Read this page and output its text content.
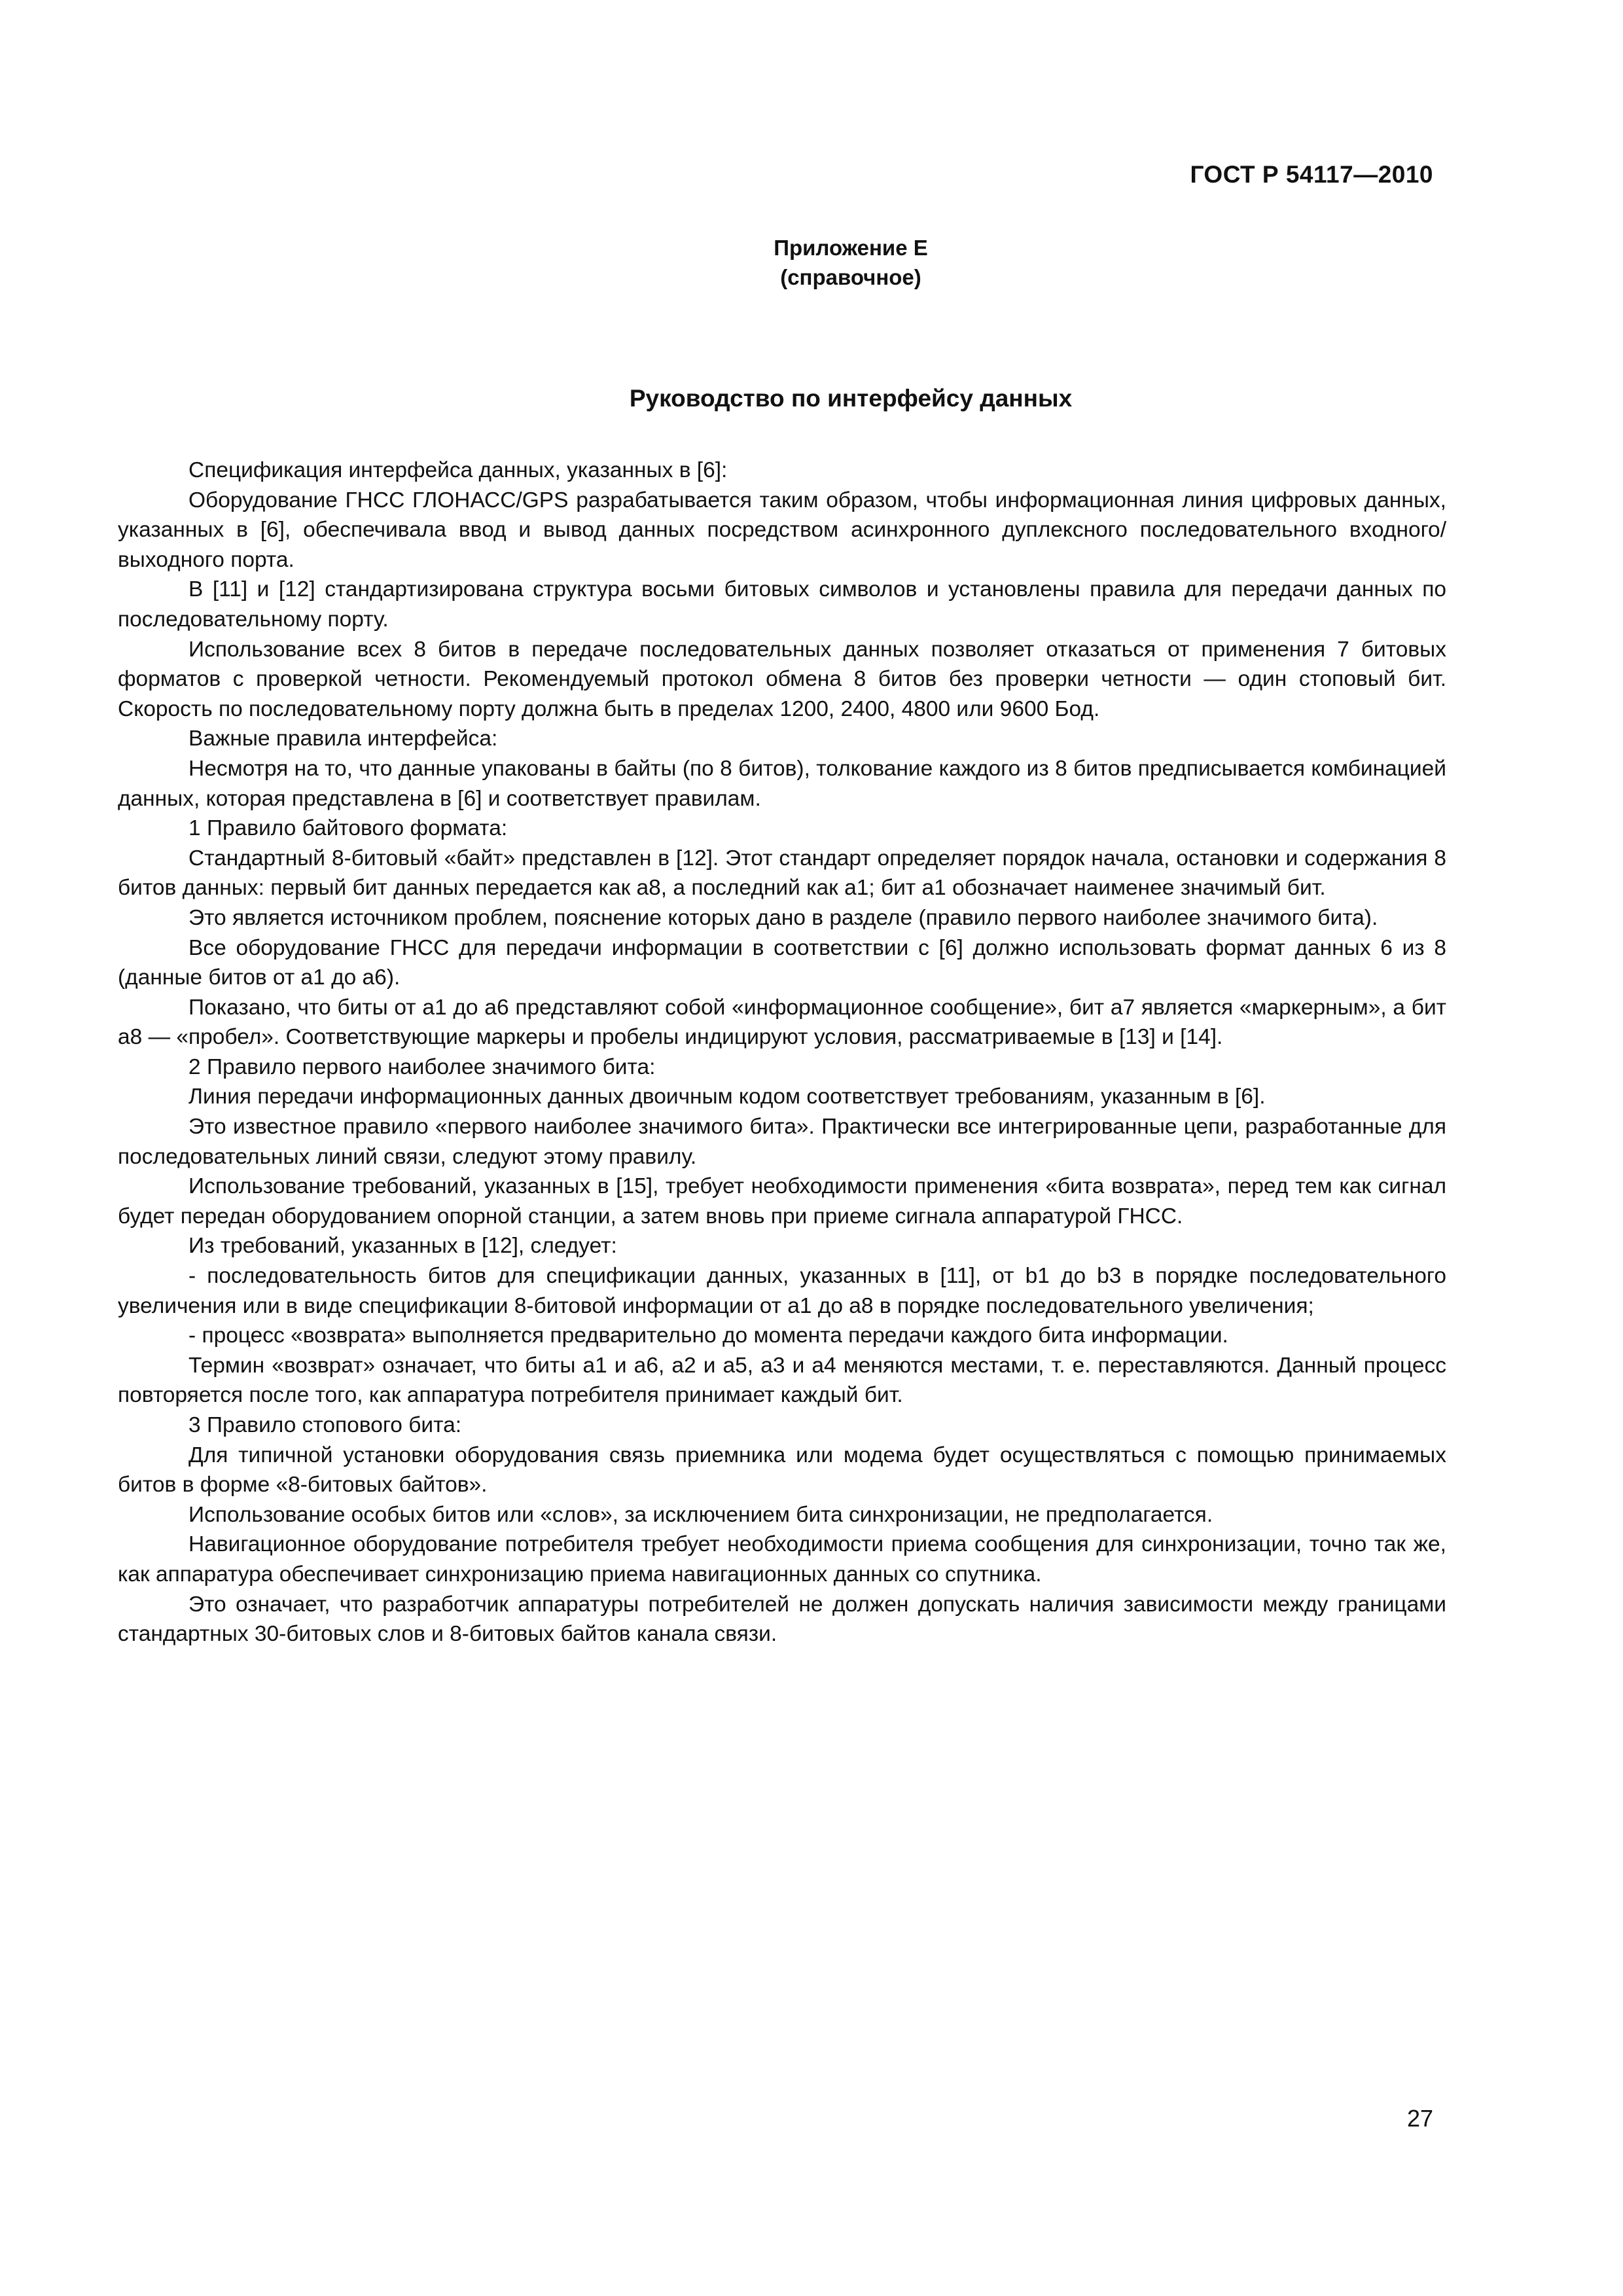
ГОСТ Р 54117—2010
Приложение Е
(справочное)
Руководство по интерфейсу данных

Спецификация интерфейса данных, указанных в [6]:

Оборудование ГНСС ГЛОНАСС/GPS разрабатывается таким образом, чтобы информационная линия цифровых данных, указанных в [6], обеспечивала ввод и вывод данных посредством асинхронного дуплексного последовательного входного/выходного порта.

В [11] и [12] стандартизирована структура восьми битовых символов и установлены правила для передачи данных по последовательному порту.

Использование всех 8 битов в передаче последовательных данных позволяет отказаться от применения 7 битовых форматов с проверкой четности. Рекомендуемый протокол обмена 8 битов без проверки четности — один стоповый бит. Скорость по последовательному порту должна быть в пределах 1200, 2400, 4800 или 9600 Бод.

Важные правила интерфейса:

Несмотря на то, что данные упакованы в байты (по 8 битов), толкование каждого из 8 битов предписывается комбинацией данных, которая представлена в [6] и соответствует правилам.

1 Правило байтового формата:

Стандартный 8-битовый «байт» представлен в [12]. Этот стандарт определяет порядок начала, остановки и содержания 8 битов данных: первый бит данных передается как а8, а последний как а1; бит а1 обозначает наименее значимый бит.

Это является источником проблем, пояснение которых дано в разделе (правило первого наиболее значимого бита).

Все оборудование ГНСС для передачи информации в соответствии с [6] должно использовать формат данных 6 из 8 (данные битов от а1 до а6).

Показано, что биты от а1 до а6 представляют собой «информационное сообщение», бит а7 является «маркерным», а бит а8 — «пробел». Соответствующие маркеры и пробелы индицируют условия, рассматриваемые в [13] и [14].

2 Правило первого наиболее значимого бита:

Линия передачи информационных данных двоичным кодом соответствует требованиям, указанным в [6].

Это известное правило «первого наиболее значимого бита». Практически все интегрированные цепи, разработанные для последовательных линий связи, следуют этому правилу.

Использование требований, указанных в [15], требует необходимости применения «бита возврата», перед тем как сигнал будет передан оборудованием опорной станции, а затем вновь при приеме сигнала аппаратурой ГНСС.

Из требований, указанных в [12], следует:

- последовательность битов для спецификации данных, указанных в [11], от b1 до b3 в порядке последовательного увеличения или в виде спецификации 8-битовой информации от а1 до а8 в порядке последовательного увеличения;

- процесс «возврата» выполняется предварительно до момента передачи каждого бита информации.

Термин «возврат» означает, что биты а1 и а6, а2 и а5, а3 и а4 меняются местами, т. е. переставляются. Данный процесс повторяется после того, как аппаратура потребителя принимает каждый бит.

3 Правило стопового бита:

Для типичной установки оборудования связь приемника или модема будет осуществляться с помощью принимаемых битов в форме «8-битовых байтов».

Использование особых битов или «слов», за исключением бита синхронизации, не предполагается.

Навигационное оборудование потребителя требует необходимости приема сообщения для синхронизации, точно так же, как аппаратура обеспечивает синхронизацию приема навигационных данных со спутника.

Это означает, что разработчик аппаратуры потребителей не должен допускать наличия зависимости между границами стандартных 30-битовых слов и 8-битовых байтов канала связи.

27
